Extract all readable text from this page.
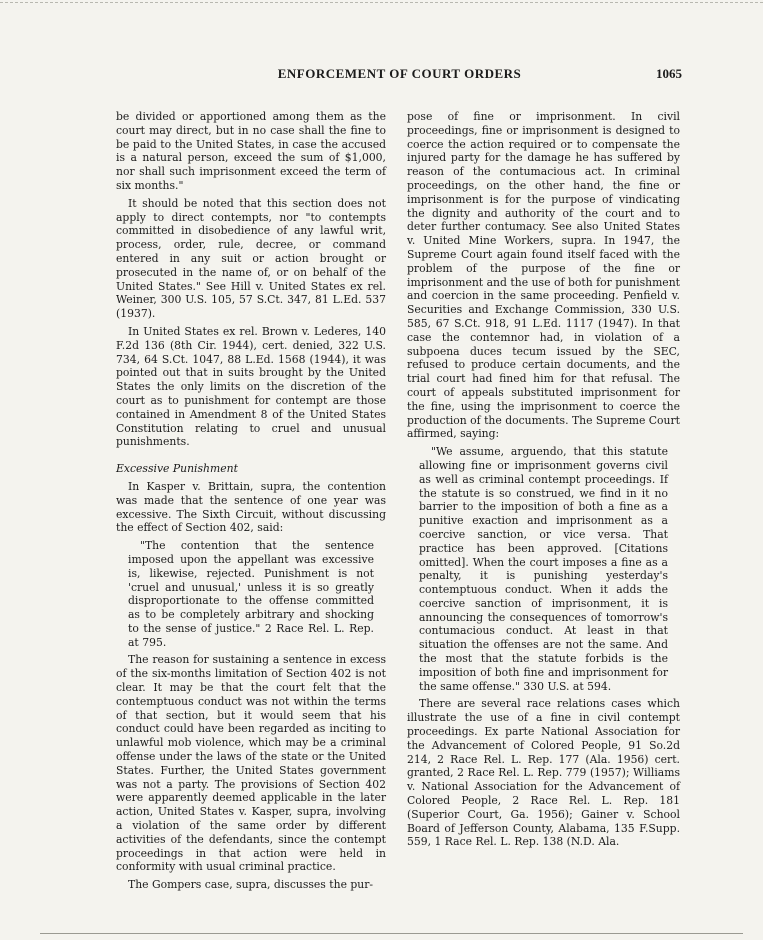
ENFORCEMENT OF COURT ORDERS	1065

be divided or apportioned among them as the court may direct, but in no case shall the fine to be paid to the United States, in case the accused is a natural person, exceed the sum of $1,000, nor shall such imprisonment exceed the term of six months."

It should be noted that this section does not apply to direct contempts, nor "to contempts committed in disobedience of any lawful writ, process, order, rule, decree, or command entered in any suit or action brought or prosecuted in the name of, or on behalf of the United States." See Hill v. United States ex rel. Weiner, 300 U.S. 105, 57 S.Ct. 347, 81 L.Ed. 537 (1937).

In United States ex rel. Brown v. Lederes, 140 F.2d 136 (8th Cir. 1944), cert. denied, 322 U.S. 734, 64 S.Ct. 1047, 88 L.Ed. 1568 (1944), it was pointed out that in suits brought by the United States the only limits on the discretion of the court as to punishment for contempt are those contained in Amendment 8 of the United States Constitution relating to cruel and unusual punishments.

Excessive Punishment

In Kasper v. Brittain, supra, the contention was made that the sentence of one year was excessive. The Sixth Circuit, without discussing the effect of Section 402, said:

"The contention that the sentence imposed upon the appellant was excessive is, likewise, rejected. Punishment is not 'cruel and unusual,' unless it is so greatly disproportionate to the offense committed as to be completely arbitrary and shocking to the sense of justice." 2 Race Rel. L. Rep. at 795.

The reason for sustaining a sentence in excess of the six-months limitation of Section 402 is not clear. It may be that the court felt that the contemptuous conduct was not within the terms of that section, but it would seem that his conduct could have been regarded as inciting to unlawful mob violence, which may be a criminal offense under the laws of the state or the United States. Further, the United States government was not a party. The provisions of Section 402 were apparently deemed applicable in the later action, United States v. Kasper, supra, involving a violation of the same order by different activities of the defendants, since the contempt proceedings in that action were held in conformity with usual criminal practice.

The Gompers case, supra, discusses the pur-

pose of fine or imprisonment. In civil proceedings, fine or imprisonment is designed to coerce the action required or to compensate the injured party for the damage he has suffered by reason of the contumacious act. In criminal proceedings, on the other hand, the fine or imprisonment is for the purpose of vindicating the dignity and authority of the court and to deter further contumacy. See also United States v. United Mine Workers, supra. In 1947, the Supreme Court again found itself faced with the problem of the purpose of the fine or imprisonment and the use of both for punishment and coercion in the same proceeding. Penfield v. Securities and Exchange Commission, 330 U.S. 585, 67 S.Ct. 918, 91 L.Ed. 1117 (1947). In that case the contemnor had, in violation of a subpoena duces tecum issued by the SEC, refused to produce certain documents, and the trial court had fined him for that refusal. The court of appeals substituted imprisonment for the fine, using the imprisonment to coerce the production of the documents. The Supreme Court affirmed, saying:

"We assume, arguendo, that this statute allowing fine or imprisonment governs civil as well as criminal contempt proceedings. If the statute is so construed, we find in it no barrier to the imposition of both a fine as a punitive exaction and imprisonment as a coercive sanction, or vice versa. That practice has been approved. [Citations omitted]. When the court imposes a fine as a penalty, it is punishing yesterday's contemptuous conduct. When it adds the coercive sanction of imprisonment, it is announcing the consequences of tomorrow's contumacious conduct. At least in that situation the offenses are not the same. And the most that the statute forbids is the imposition of both fine and imprisonment for the same offense." 330 U.S. at 594.

There are several race relations cases which illustrate the use of a fine in civil contempt proceedings. Ex parte National Association for the Advancement of Colored People, 91 So.2d 214, 2 Race Rel. L. Rep. 177 (Ala. 1956) cert. granted, 2 Race Rel. L. Rep. 779 (1957); Williams v. National Association for the Advancement of Colored People, 2 Race Rel. L. Rep. 181 (Superior Court, Ga. 1956); Gainer v. School Board of Jefferson County, Alabama, 135 F.Supp. 559, 1 Race Rel. L. Rep. 138 (N.D. Ala.
